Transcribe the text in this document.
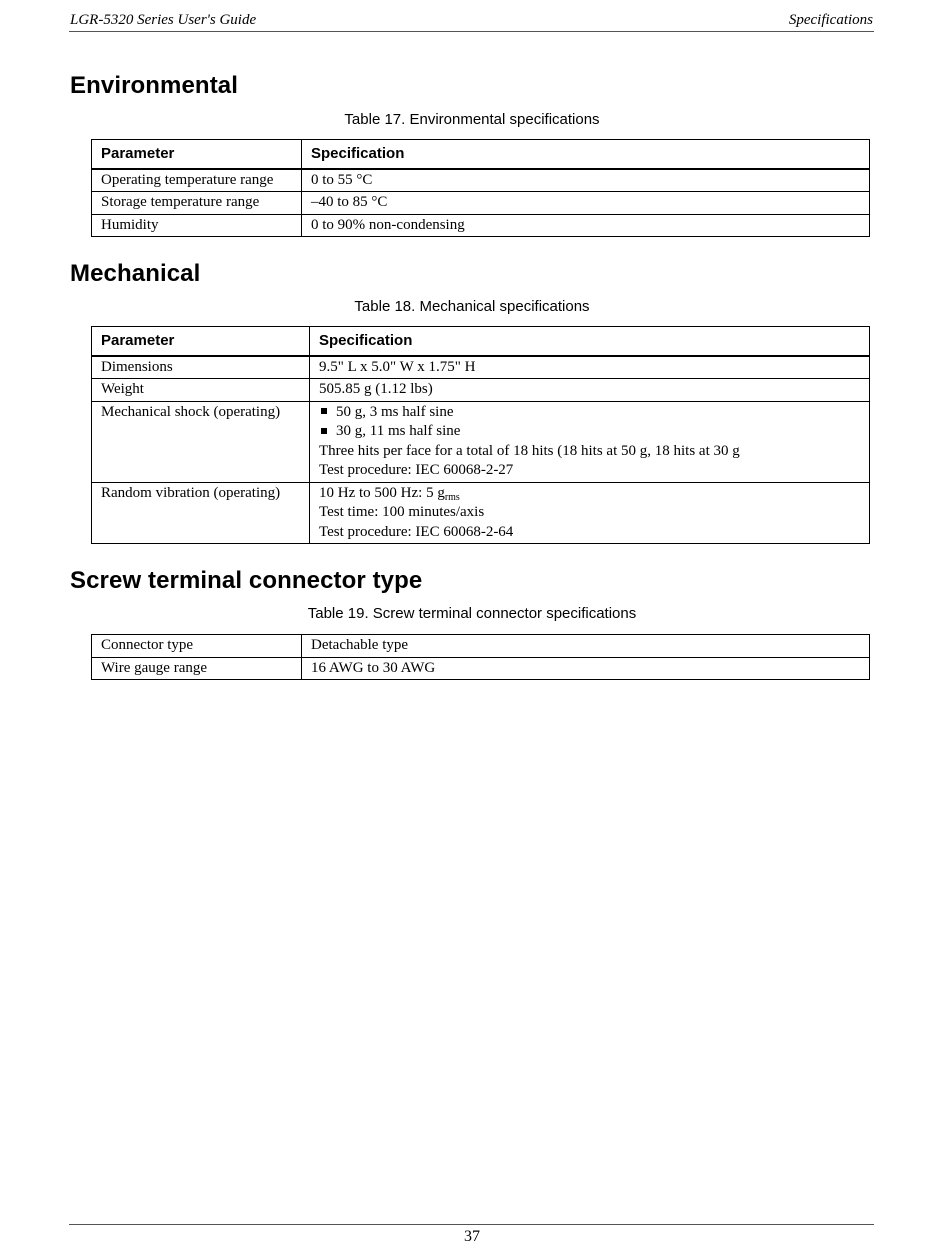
LGR-5320 Series User's Guide	Specifications
Environmental
Table 17. Environmental specifications
Parameter	Specification
Operating temperature range	0 to 55 °C
Storage temperature range	–40 to 85 °C
Humidity	0 to 90% non-condensing
Mechanical
Table 18. Mechanical specifications
Parameter	Specification
Dimensions	9.5" L x 5.0" W x 1.75" H
Weight	505.85 g (1.12 lbs)
Mechanical shock (operating)	50 g, 3 ms half sine
30 g, 11 ms half sine
Three hits per face for a total of 18 hits (18 hits at 50 g, 18 hits at 30 g
Test procedure: IEC 60068-2-27

Random vibration (operating)	10 Hz to 500 Hz: 5 $g_{rms}$
Test time: 100 minutes/axis
Test procedure: IEC 60068-2-64
Screw terminal connector type
Table 19. Screw terminal connector specifications
Connector type	Detachable type
Wire gauge range	16 AWG to 30 AWG
37
